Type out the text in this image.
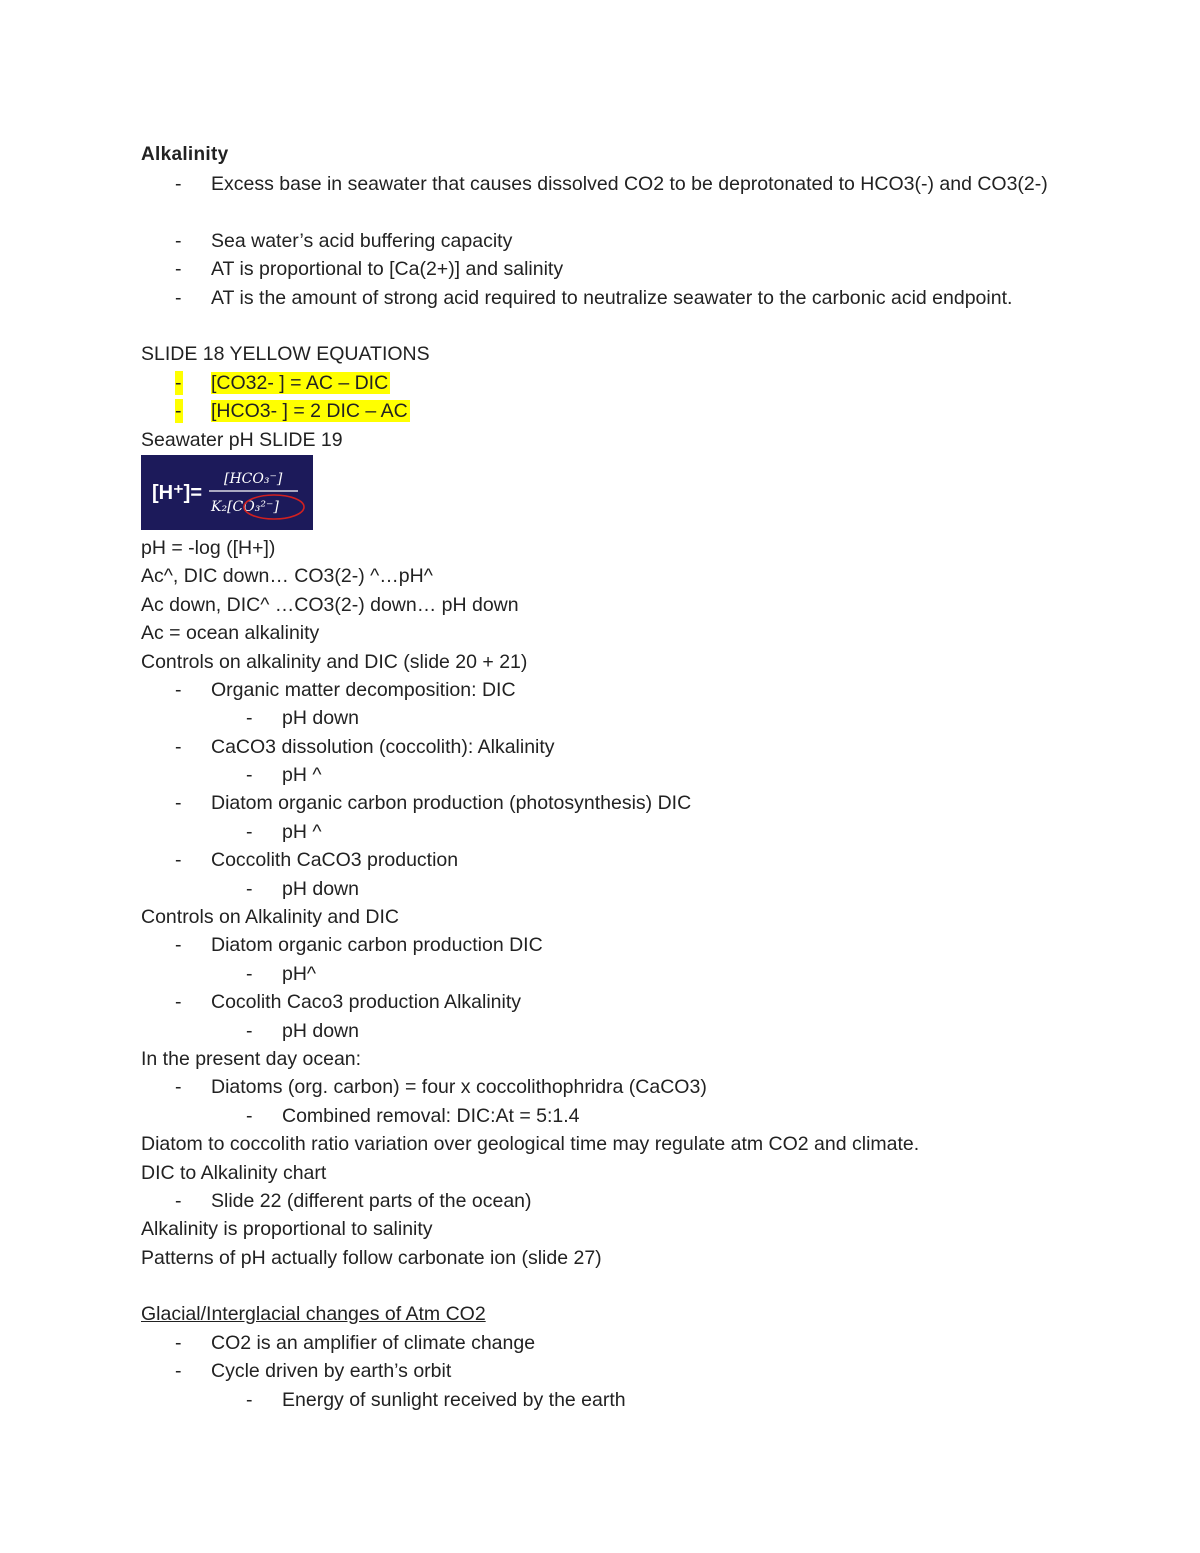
Alkalinity
-	Excess base in seawater that causes dissolved CO2 to be deprotonated to HCO3(-) and CO3(2-)
-	Sea water’s acid buffering capacity
-	AT is proportional to [Ca(2+)] and salinity
-	AT is the amount of strong acid required to neutralize seawater to the carbonic acid endpoint.
SLIDE 18 YELLOW EQUATIONS
-	[CO32- ] = AC – DIC
-	[HCO3- ] = 2 DIC – AC
Seawater pH SLIDE 19
[H⁺]=
[HCO₃⁻]
K₂[CO₃²⁻]
pH = -log ([H+])
Ac^, DIC down… CO3(2-) ^…pH^
Ac down, DIC^ …CO3(2-) down… pH down
Ac = ocean alkalinity
Controls on alkalinity and DIC (slide 20 + 21)
-	Organic matter decomposition: DIC
-	pH down
-	CaCO3 dissolution (coccolith): Alkalinity
-	pH ^
-	Diatom organic carbon production (photosynthesis) DIC
-	pH ^
-	Coccolith CaCO3 production
-	pH down
Controls on Alkalinity and DIC
-	Diatom organic carbon production DIC
-	pH^
-	Cocolith Caco3 production Alkalinity
-	pH down
In the present day ocean:
-	Diatoms (org. carbon) = four x coccolithophridra (CaCO3)
-	Combined removal: DIC:At = 5:1.4
Diatom to coccolith ratio variation over geological time may regulate atm CO2 and climate.
DIC to Alkalinity chart
-	Slide 22 (different parts of the ocean)
Alkalinity is proportional to salinity
Patterns of pH actually follow carbonate ion (slide 27)
Glacial/Interglacial changes of Atm CO2
-	CO2 is an amplifier of climate change
-	Cycle driven by earth’s orbit
-	Energy of sunlight received by the earth
